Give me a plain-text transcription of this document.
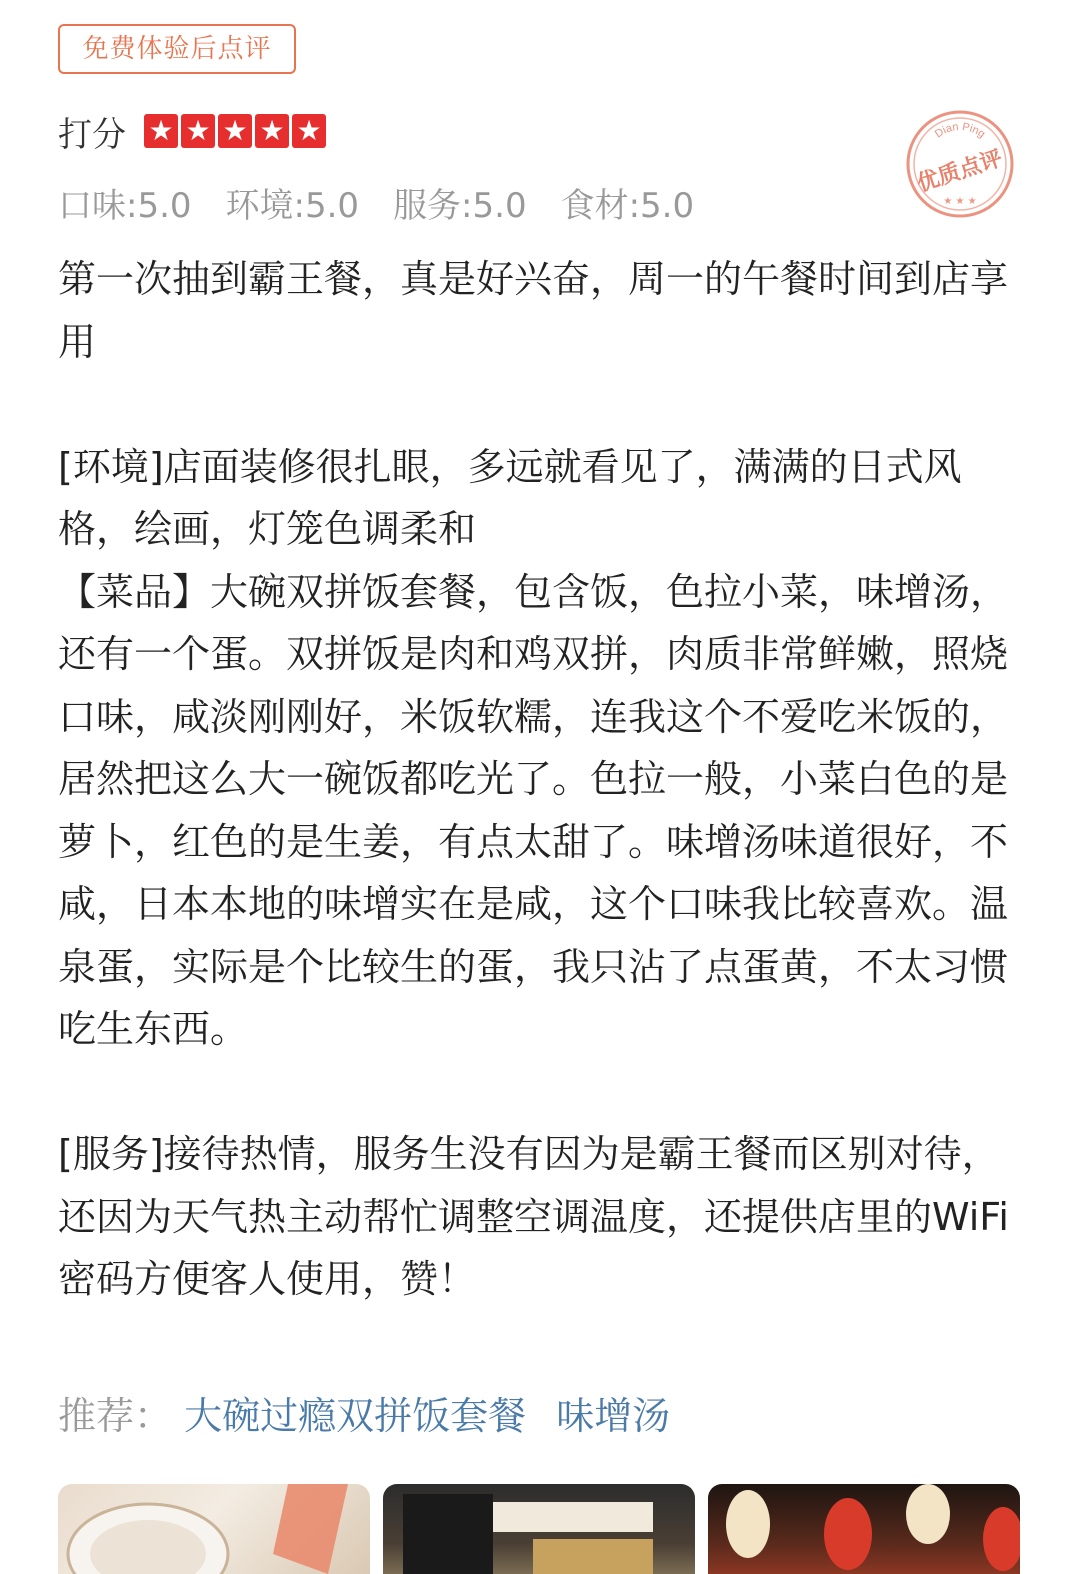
免费体验后点评
打分 ★ ★ ★ ★ ★
口味:5.0 环境:5.0 服务:5.0 食材:5.0
Dian Ping
优质点评
★ ★ ★

第一次抽到霸王餐，真是好兴奋，周一的午餐时间到店享用

[环境]店面装修很扎眼，多远就看见了，满满的日式风格，绘画，灯笼色调柔和

【菜品】大碗双拼饭套餐，包含饭，色拉小菜，味增汤，还有一个蛋。双拼饭是肉和鸡双拼，肉质非常鲜嫩，照烧口味，咸淡刚刚好，米饭软糯，连我这个不爱吃米饭的，居然把这么大一碗饭都吃光了。色拉一般，小菜白色的是萝卜，红色的是生姜，有点太甜了。味增汤味道很好，不咸，日本本地的味增实在是咸，这个口味我比较喜欢。温泉蛋，实际是个比较生的蛋，我只沾了点蛋黄，不太习惯吃生东西。

[服务]接待热情，服务生没有因为是霸王餐而区别对待，还因为天气热主动帮忙调整空调温度，还提供店里的WiFi 密码方便客人使用，赞！

推荐： 大碗过瘾双拼饭套餐 味增汤
